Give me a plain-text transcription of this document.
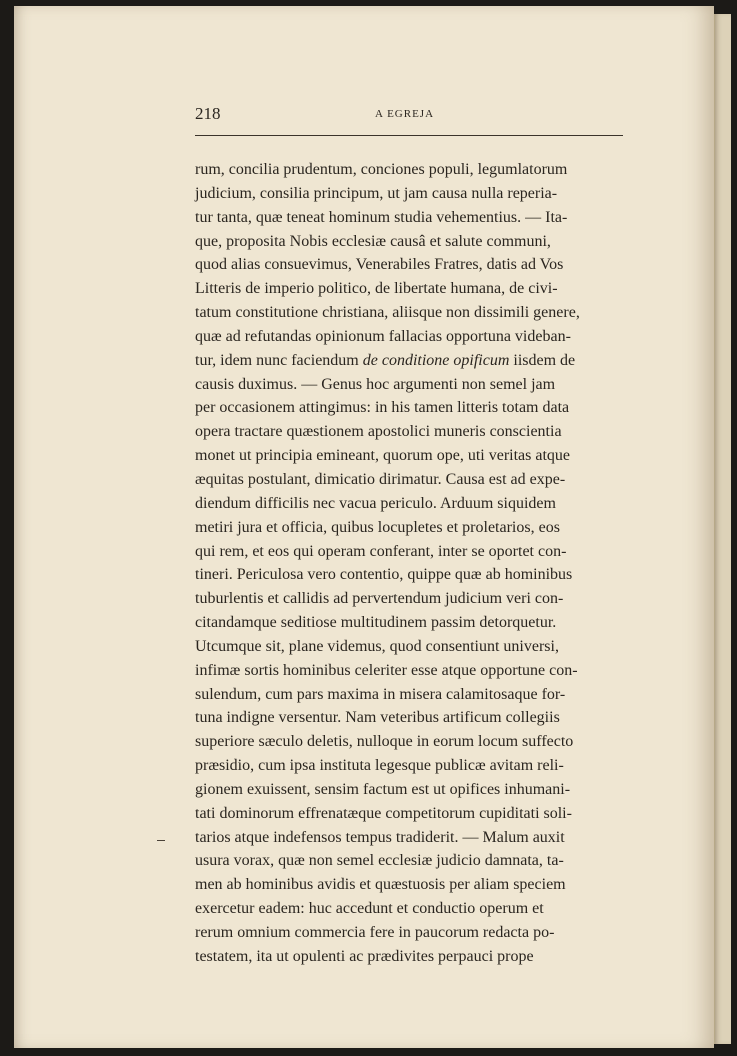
218	A EGREJA
rum, concilia prudentum, conciones populi, legumlatorum
judicium, consilia principum, ut jam causa nulla reperia-
tur tanta, quæ teneat hominum studia vehementius. — Ita-
que, proposita Nobis ecclesiæ causâ et salute communi,
quod alias consuevimus, Venerabiles Fratres, datis ad Vos
Litteris de imperio politico, de libertate humana, de civi-
tatum constitutione christiana, aliisque non dissimili genere,
quæ ad refutandas opinionum fallacias opportuna videban-
tur, idem nunc faciendum de conditione opificum iisdem de
causis duximus. — Genus hoc argumenti non semel jam
per occasionem attingimus: in his tamen litteris totam data
opera tractare quæstionem apostolici muneris conscientia
monet ut principia emineant, quorum ope, uti veritas atque
æquitas postulant, dimicatio dirimatur. Causa est ad expe-
diendum difficilis nec vacua periculo. Arduum siquidem
metiri jura et officia, quibus locupletes et proletarios, eos
qui rem, et eos qui operam conferant, inter se oportet con-
tineri. Periculosa vero contentio, quippe quæ ab hominibus
tuburlentis et callidis ad pervertendum judicium veri con-
citandamque seditiose multitudinem passim detorquetur.
Utcumque sit, plane videmus, quod consentiunt universi,
infimæ sortis hominibus celeriter esse atque opportune con-
sulendum, cum pars maxima in misera calamitosaque for-
tuna indigne versentur. Nam veteribus artificum collegiis
superiore sæculo deletis, nulloque in eorum locum suffecto
præsidio, cum ipsa instituta legesque publicæ avitam reli-
gionem exuissent, sensim factum est ut opifices inhumani-
tati dominorum effrenatæque competitorum cupiditati soli-
tarios atque indefensos tempus tradiderit. — Malum auxit
usura vorax, quæ non semel ecclesiæ judicio damnata, ta-
men ab hominibus avidis et quæstuosis per aliam speciem
exercetur eadem: huc accedunt et conductio operum et
rerum omnium commercia fere in paucorum redacta po-
testatem, ita ut opulenti ac prædivites perpauci prope
